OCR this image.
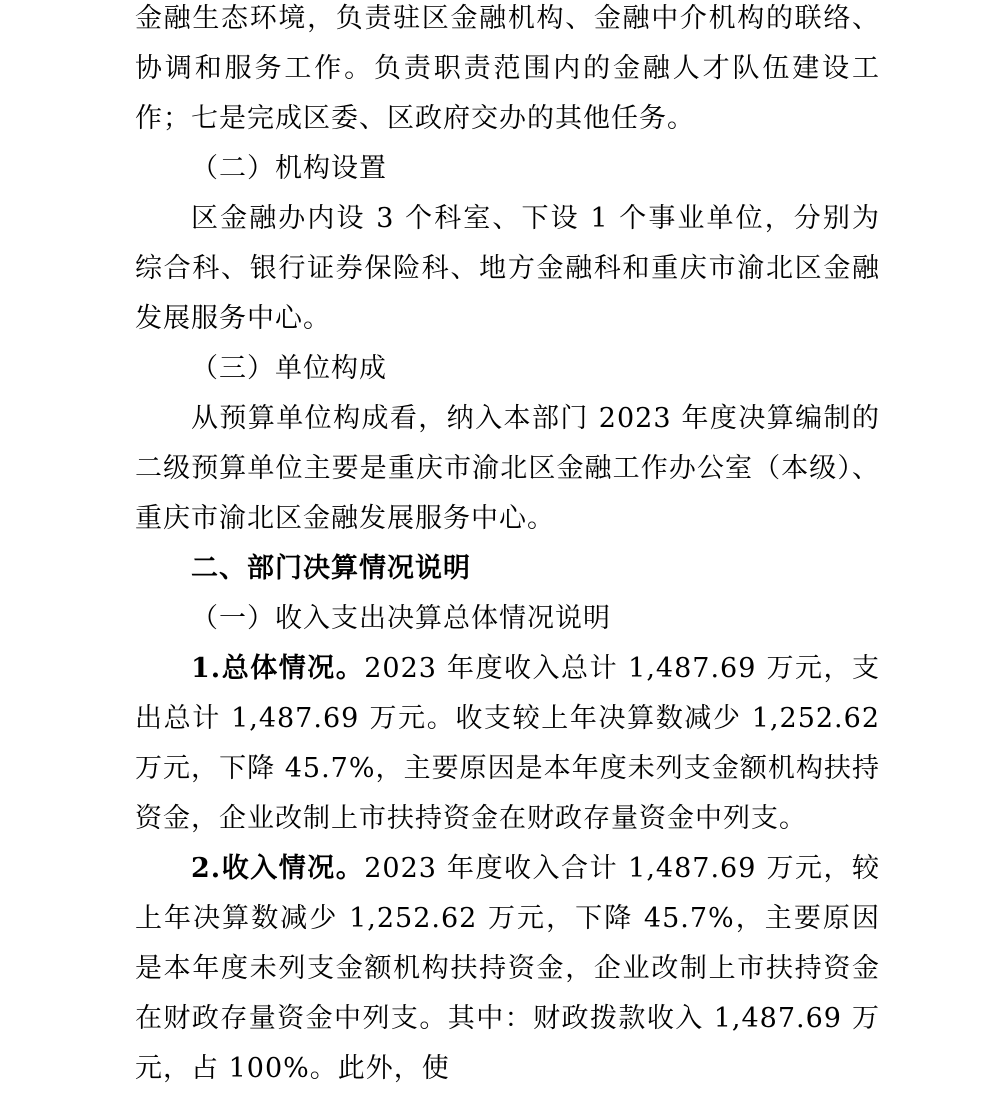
金融生态环境，负责驻区金融机构、金融中介机构的联络、协调和服务工作。负责职责范围内的金融人才队伍建设工作；七是完成区委、区政府交办的其他任务。

（二）机构设置

区金融办内设 3 个科室、下设 1 个事业单位，分别为综合科、银行证券保险科、地方金融科和重庆市渝北区金融发展服务中心。

（三）单位构成

从预算单位构成看，纳入本部门 2023 年度决算编制的二级预算单位主要是重庆市渝北区金融工作办公室（本级）、重庆市渝北区金融发展服务中心。

二、部门决算情况说明

（一）收入支出决算总体情况说明

1.总体情况。2023 年度收入总计 1,487.69 万元，支出总计 1,487.69 万元。收支较上年决算数减少 1,252.62 万元，下降 45.7%，主要原因是本年度未列支金额机构扶持资金，企业改制上市扶持资金在财政存量资金中列支。

2.收入情况。2023 年度收入合计 1,487.69 万元，较上年决算数减少 1,252.62 万元，下降 45.7%，主要原因是本年度未列支金额机构扶持资金，企业改制上市扶持资金在财政存量资金中列支。其中：财政拨款收入 1,487.69 万元，占 100%。此外，使
